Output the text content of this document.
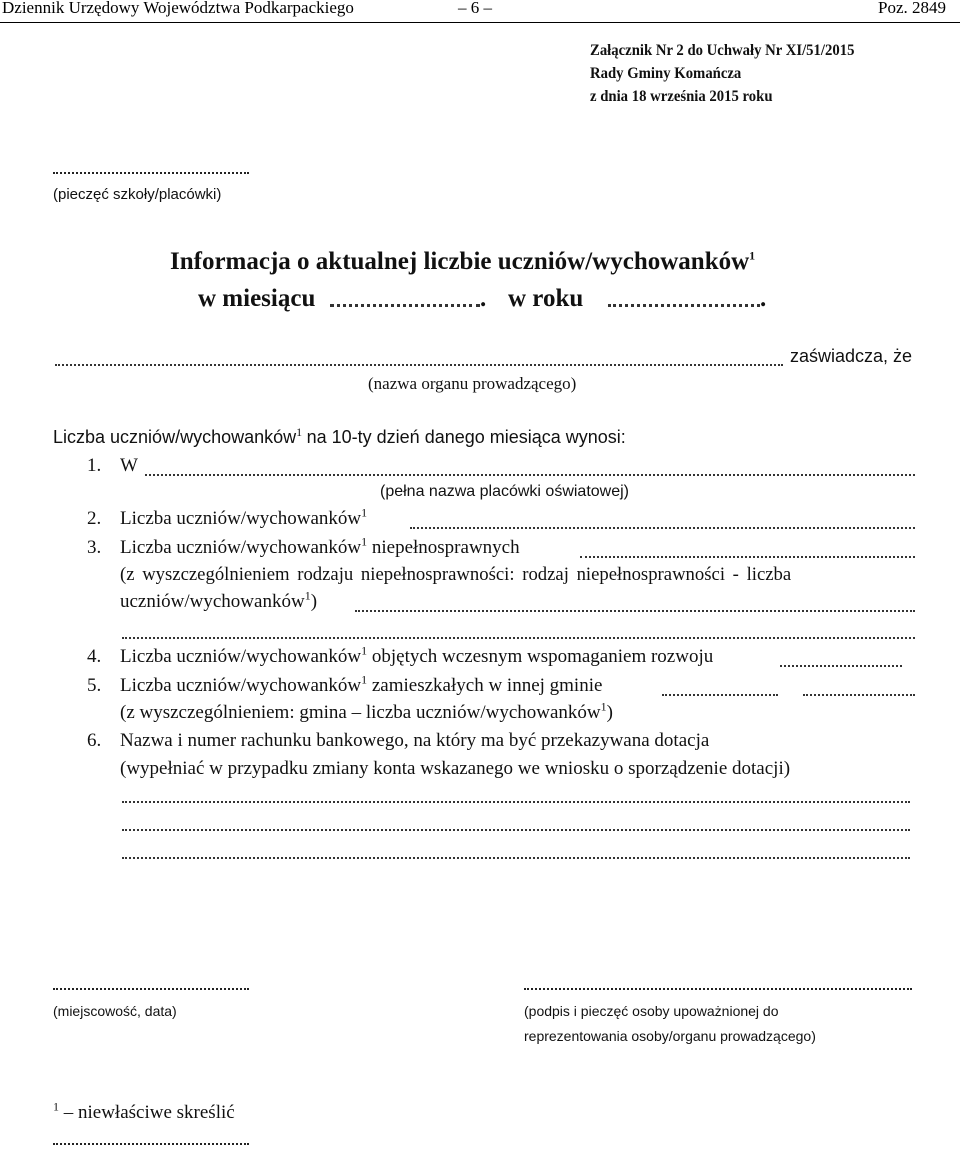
Dziennik Urzędowy Województwa Podkarpackiego	– 6 –	Poz. 2849
Załącznik Nr 2 do Uchwały Nr XI/51/2015
Rady Gminy Komańcza
z dnia 18 września 2015 roku
(pieczęć szkoły/placówki)
Informacja o aktualnej liczbie uczniów/wychowanków$^1$
w miesiącu	. w roku	.
zaświadcza, że
(nazwa organu prowadzącego)
Liczba uczniów/wychowanków$^1$ na 10-ty dzień danego miesiąca wynosi:
1. W
(pełna nazwa placówki oświatowej)
2. Liczba uczniów/wychowanków$^1$
3. Liczba uczniów/wychowanków$^1$ niepełnosprawnych
(z wyszczególnieniem rodzaju niepełnosprawności: rodzaj niepełnosprawności - liczba
uczniów/wychowanków$^1$)
4. Liczba uczniów/wychowanków$^1$ objętych wczesnym wspomaganiem rozwoju
5. Liczba uczniów/wychowanków$^1$ zamieszkałych w innej gminie
(z wyszczególnieniem: gmina – liczba uczniów/wychowanków$^1$)
6. Nazwa i numer rachunku bankowego, na który ma być przekazywana dotacja
(wypełniać w przypadku zmiany konta wskazanego we wniosku o sporządzenie dotacji)
(miejscowość, data)	(podpis i pieczęć osoby upoważnionej do
reprezentowania osoby/organu prowadzącego)
$^1$ – niewłaściwe skreślić
